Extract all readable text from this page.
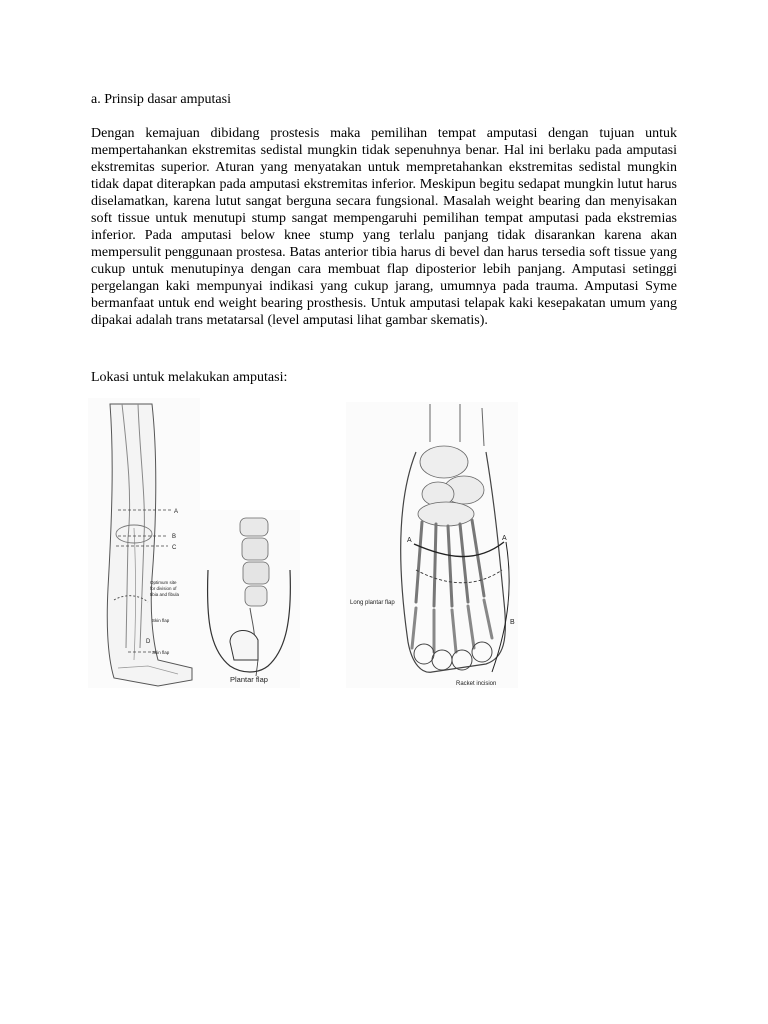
a. Prinsip dasar amputasi

Dengan kemajuan dibidang prostesis maka pemilihan tempat amputasi dengan tujuan untuk mempertahankan ekstremitas sedistal mungkin tidak sepenuhnya benar. Hal ini berlaku pada amputasi ekstremitas superior. Aturan yang menyatakan untuk mempretahankan ekstremitas sedistal mungkin tidak dapat diterapkan pada amputasi ekstremitas inferior. Meskipun begitu sedapat mungkin lutut harus diselamatkan, karena lutut sangat berguna secara fungsional. Masalah weight bearing dan menyisakan soft tissue untuk menutupi stump sangat mempengaruhi pemilihan tempat amputasi pada ekstremias inferior. Pada amputasi below knee stump yang terlalu panjang tidak disarankan karena akan mempersulit penggunaan prostesa. Batas anterior tibia harus di bevel dan harus tersedia soft tissue yang cukup untuk menutupinya dengan cara membuat flap diposterior lebih panjang. Amputasi setinggi pergelangan kaki mempunyai indikasi yang cukup jarang, umumnya pada trauma. Amputasi Syme bermanfaat untuk end weight bearing prosthesis. Untuk amputasi telapak kaki kesepakatan umum yang dipakai adalah trans metatarsal (level amputasi lihat gambar skematis).

Lokasi untuk melakukan amputasi:
A
B
C
Optimum site
for division of
tibia and fibula
Skin flap
D
Skin flap
Plantar flap
A	A
B
Long plantar flap
Racket incision
